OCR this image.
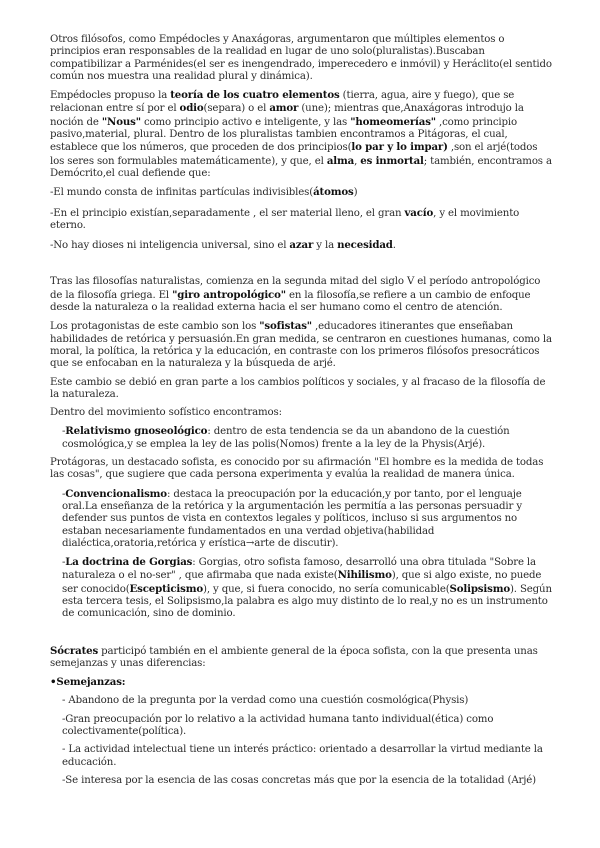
Otros filósofos, como Empédocles y Anaxágoras, argumentaron que múltiples elementos o principios eran responsables de la realidad en lugar de uno solo(pluralistas).Buscaban compatibilizar a Parménides(el ser es inengendrado, imperecedero e inmóvil) y Heráclito(el sentido común nos muestra una realidad plural y dinámica).

Empédocles propuso la teoría de los cuatro elementos (tierra, agua, aire y fuego), que se relacionan entre sí por el odio(separa) o el amor (une); mientras que,Anaxágoras introdujo la noción de "Nous" como principio activo e inteligente, y las "homeomerías" ,como principio pasivo,material, plural. Dentro de los pluralistas tambien encontramos a Pitágoras, el cual, establece que los números, que proceden de dos principios(lo par y lo impar) ,son el arjé(todos los seres son formulables matemáticamente), y que, el alma, es inmortal; también, encontramos a Demócrito,el cual defiende que:

-El mundo consta de infinitas partículas indivisibles(átomos)

-En el principio existían,separadamente , el ser material lleno, el gran vacío, y el movimiento eterno.

-No hay dioses ni inteligencia universal, sino el azar y la necesidad.

Tras las filosofías naturalistas, comienza en la segunda mitad del siglo V el período antropológico de la filosofía griega. El "giro antropológico" en la filosofía,se refiere a un cambio de enfoque desde la naturaleza o la realidad externa hacia el ser humano como el centro de atención.

Los protagonistas de este cambio son los "sofistas" ,educadores itinerantes que enseñaban habilidades de retórica y persuasión.En gran medida, se centraron en cuestiones humanas, como la moral, la política, la retórica y la educación, en contraste con los primeros filósofos presocráticos que se enfocaban en la naturaleza y la búsqueda de arjé.

Este cambio se debió en gran parte a los cambios políticos y sociales, y al fracaso de la filosofía de la naturaleza.

Dentro del movimiento sofístico encontramos:

-Relativismo gnoseológico: dentro de esta tendencia se da un abandono de la cuestión cosmológica,y se emplea la ley de las polis(Nomos) frente a la ley de la Physis(Arjé).

Protágoras, un destacado sofista, es conocido por su afirmación "El hombre es la medida de todas las cosas", que sugiere que cada persona experimenta y evalúa la realidad de manera única.

-Convencionalismo: destaca la preocupación por la educación,y por tanto, por el lenguaje oral.La enseñanza de la retórica y la argumentación les permitía a las personas persuadir y defender sus puntos de vista en contextos legales y políticos, incluso si sus argumentos no estaban necesariamente fundamentados en una verdad objetiva(habilidad dialéctica,oratoria,retórica y erística→arte de discutir).

-La doctrina de Gorgias: Gorgias, otro sofista famoso, desarrolló una obra titulada "Sobre la naturaleza o el no-ser" , que afirmaba que nada existe(Nihilismo), que si algo existe, no puede ser conocido(Escepticismo), y que, si fuera conocido, no sería comunicable(Solipsismo). Según esta tercera tesis, el Solipsismo,la palabra es algo muy distinto de lo real,y no es un instrumento de comunicación, sino de dominio.

Sócrates participó también en el ambiente general de la época sofista, con la que presenta unas semejanzas y unas diferencias:

•Semejanzas:

- Abandono de la pregunta por la verdad como una cuestión cosmológica(Physis)

-Gran preocupación por lo relativo a la actividad humana tanto individual(ética) como colectivamente(política).

- La actividad intelectual tiene un interés práctico: orientado a desarrollar la virtud mediante la educación.

-Se interesa por la esencia de las cosas concretas más que por la esencia de la totalidad (Arjé)
